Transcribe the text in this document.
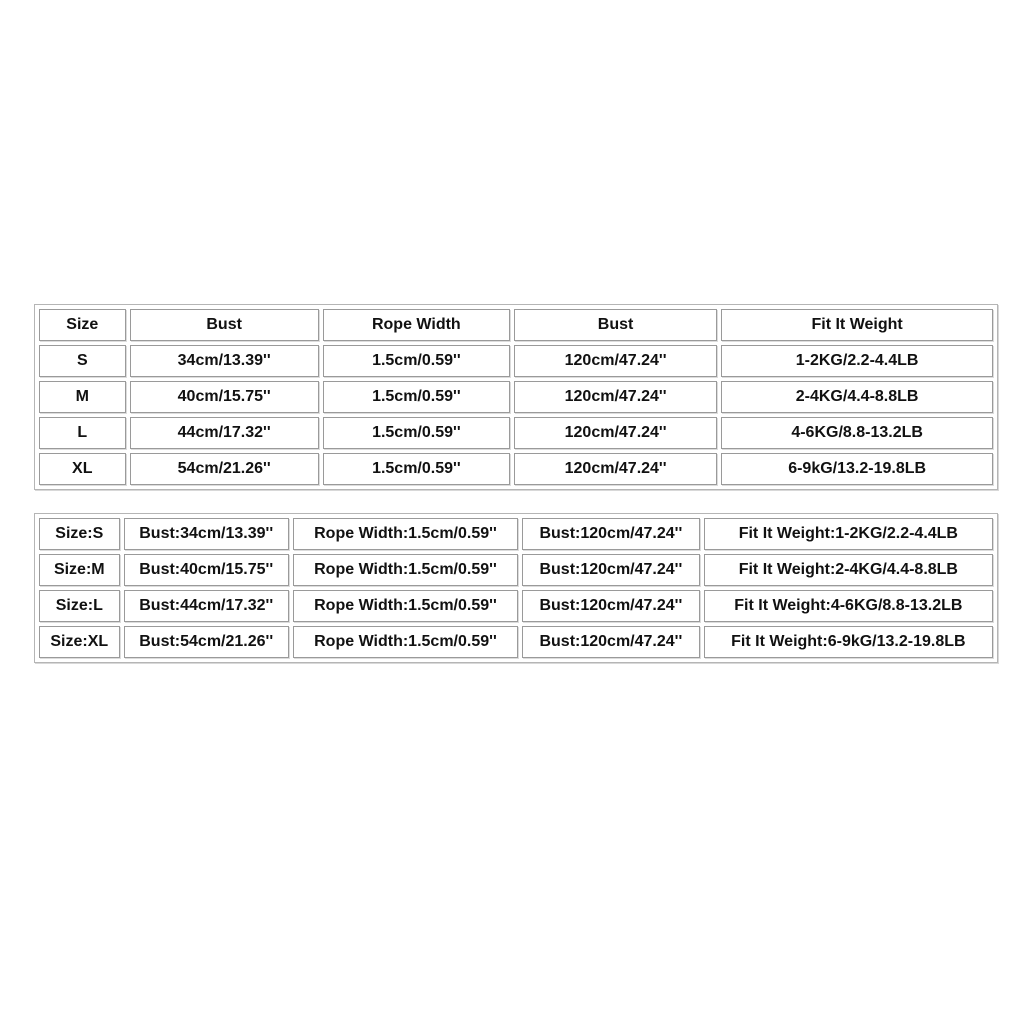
Size	Bust	Rope Width	Bust	Fit It Weight
S	34cm/13.39''	1.5cm/0.59''	120cm/47.24''	1-2KG/2.2-4.4LB
M	40cm/15.75''	1.5cm/0.59''	120cm/47.24''	2-4KG/4.4-8.8LB
L	44cm/17.32''	1.5cm/0.59''	120cm/47.24''	4-6KG/8.8-13.2LB
XL	54cm/21.26''	1.5cm/0.59''	120cm/47.24''	6-9kG/13.2-19.8LB
Size:S	Bust:34cm/13.39''	Rope Width:1.5cm/0.59''	Bust:120cm/47.24''	Fit It Weight:1-2KG/2.2-4.4LB
Size:M	Bust:40cm/15.75''	Rope Width:1.5cm/0.59''	Bust:120cm/47.24''	Fit It Weight:2-4KG/4.4-8.8LB
Size:L	Bust:44cm/17.32''	Rope Width:1.5cm/0.59''	Bust:120cm/47.24''	Fit It Weight:4-6KG/8.8-13.2LB
Size:XL	Bust:54cm/21.26''	Rope Width:1.5cm/0.59''	Bust:120cm/47.24''	Fit It Weight:6-9kG/13.2-19.8LB
